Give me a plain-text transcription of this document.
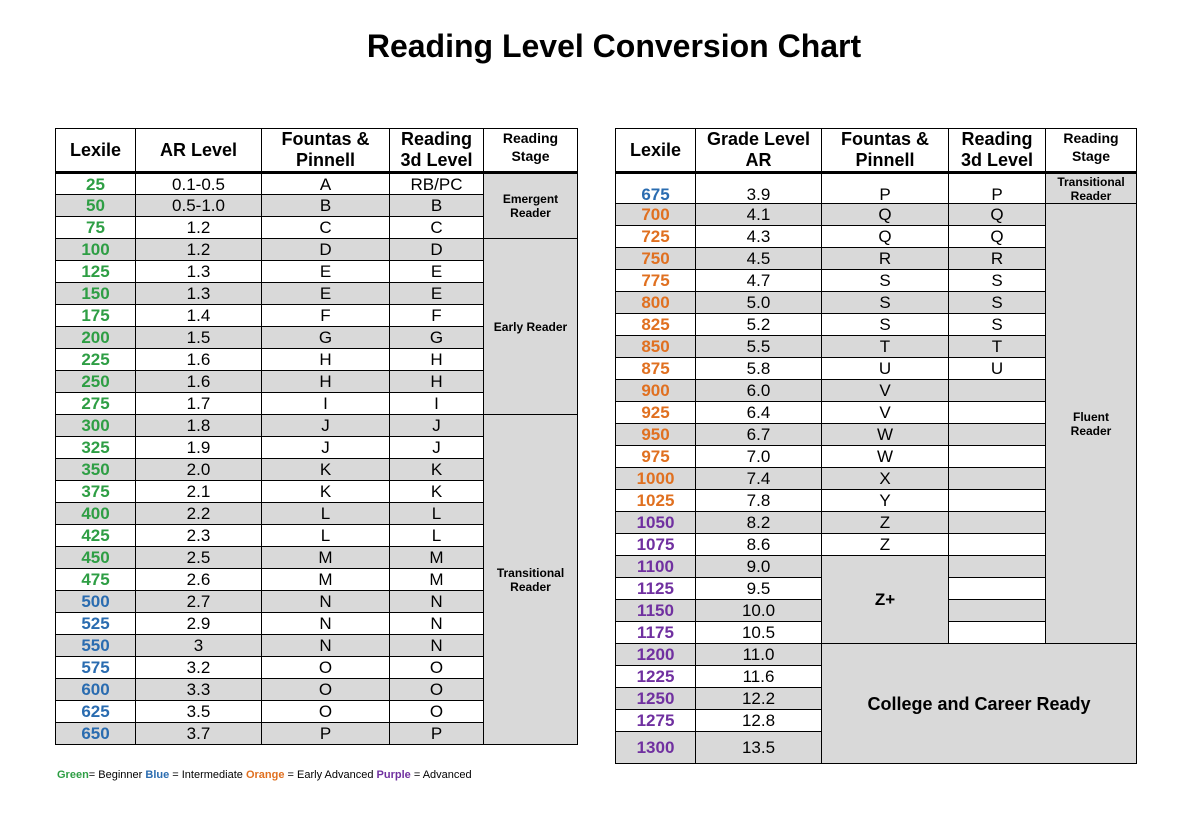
Reading Level Conversion Chart
Lexile	AR Level	Fountas & Pinnell	Reading 3d Level	Reading Stage
25	0.1-0.5	A	RB/PC	Emergent Reader
50	0.5-1.0	B	B	
75	1.2	C	C	
100	1.2	D	D	Early Reader
125	1.3	E	E	
150	1.3	E	E	
175	1.4	F	F	
200	1.5	G	G	
225	1.6	H	H	
250	1.6	H	H	
275	1.7	I	I	
300	1.8	J	J	Transitional Reader
325	1.9	J	J	
350	2.0	K	K	
375	2.1	K	K	
400	2.2	L	L	
425	2.3	L	L	
450	2.5	M	M	
475	2.6	M	M	
500	2.7	N	N	
525	2.9	N	N	
550	3	N	N	
575	3.2	O	O	
600	3.3	O	O	
625	3.5	O	O	
650	3.7	P	P	
Lexile	Grade Level AR	Fountas & Pinnell	Reading 3d Level	Reading Stage
675	3.9	P	P	Transitional Reader
700	4.1	Q	Q	Fluent Reader
725	4.3	Q	Q	
750	4.5	R	R	
775	4.7	S	S	
800	5.0	S	S	
825	5.2	S	S	
850	5.5	T	T	
875	5.8	U	U	
900	6.0	V		
925	6.4	V		
950	6.7	W		
975	7.0	W		
1000	7.4	X		
1025	7.8	Y		
1050	8.2	Z		
1075	8.6	Z		
1100	9.0	Z+		
1125	9.5			
1150	10.0			
1175	10.5			
1200	11.0	College and Career Ready		
1225	11.6			
1250	12.2			
1275	12.8			
1300	13.5			
Green= Beginner Blue = Intermediate Orange = Early Advanced Purple = Advanced
